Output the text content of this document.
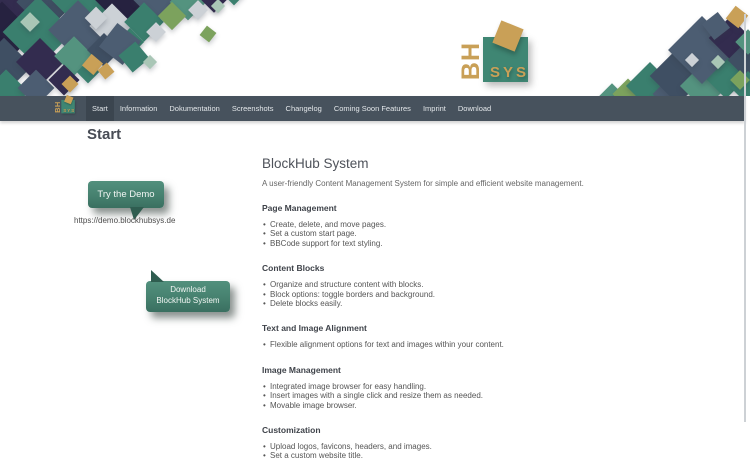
BH SYS
BH SYS	Start	Information	Dokumentation	Screenshots	Changelog	Coming Soon Features	Imprint	Download
Start
Try the Demo
https://demo.blockhubsys.de
Download
BlockHub System
BlockHub System

A user-friendly Content Management System for simple and efficient website management.

Page Management
• Create, delete, and move pages.
• Set a custom start page.
• BBCode support for text styling.
Content Blocks
• Organize and structure content with blocks.
• Block options: toggle borders and background.
• Delete blocks easily.
Text and Image Alignment
• Flexible alignment options for text and images within your content.
Image Management
• Integrated image browser for easy handling.
• Insert images with a single click and resize them as needed.
• Movable image browser.
Customization
• Upload logos, favicons, headers, and images.
• Set a custom website title.
